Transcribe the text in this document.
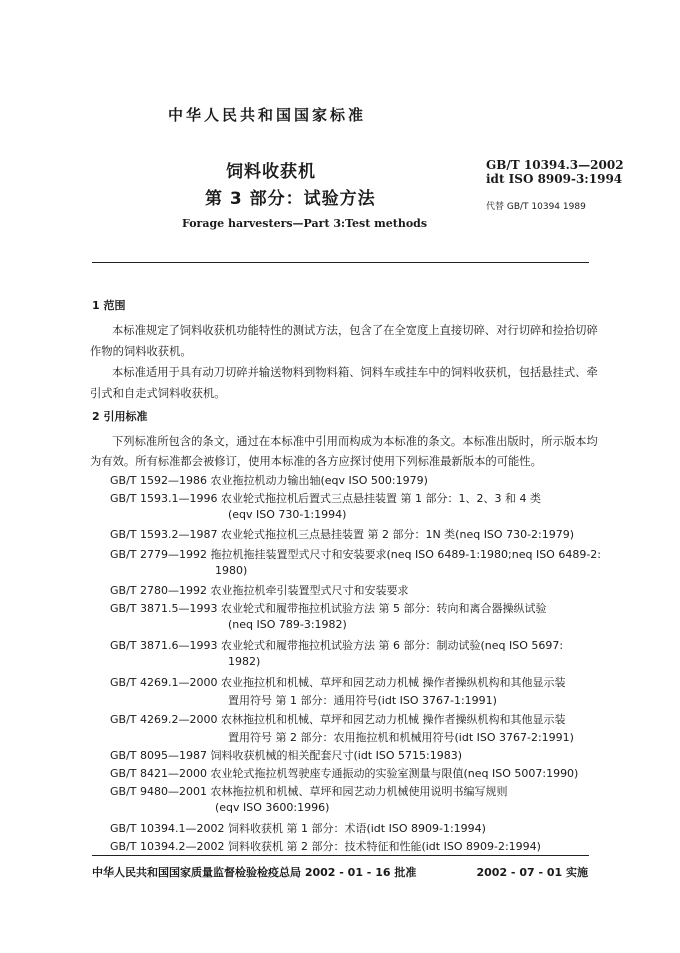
中华人民共和国国家标准
饲料收获机
第 3 部分：试验方法
Forage harvesters—Part 3:Test methods
GB/T 10394.3—2002
idt ISO 8909-3:1994
代替 GB/T 10394 1989
1 范围
本标准规定了饲料收获机功能特性的测试方法，包含了在全宽度上直接切碎、对行切碎和捡拾切碎
作物的饲料收获机。
本标准适用于具有动刀切碎并输送物料到物料箱、饲料车或挂车中的饲料收获机，包括悬挂式、牵
引式和自走式饲料收获机。
2 引用标准
下列标准所包含的条文，通过在本标准中引用而构成为本标准的条文。本标准出版时，所示版本均
为有效。所有标准都会被修订，使用本标准的各方应探讨使用下列标准最新版本的可能性。
GB/T 1592—1986 农业拖拉机动力输出轴(eqv ISO 500:1979)
GB/T 1593.1—1996 农业轮式拖拉机后置式三点悬挂装置 第 1 部分：1、2、3 和 4 类
(eqv ISO 730-1:1994)
GB/T 1593.2—1987 农业轮式拖拉机三点悬挂装置 第 2 部分：1N 类(neq ISO 730-2:1979)
GB/T 2779—1992 拖拉机拖挂装置型式尺寸和安装要求(neq ISO 6489-1:1980;neq ISO 6489-2:
1980)
GB/T 2780—1992 农业拖拉机牵引装置型式尺寸和安装要求
GB/T 3871.5—1993 农业轮式和履带拖拉机试验方法 第 5 部分：转向和离合器操纵试验
(neq ISO 789-3:1982)
GB/T 3871.6—1993 农业轮式和履带拖拉机试验方法 第 6 部分：制动试验(neq ISO 5697:
1982)
GB/T 4269.1—2000 农业拖拉机和机械、草坪和园艺动力机械 操作者操纵机构和其他显示装
置用符号 第 1 部分：通用符号(idt ISO 3767-1:1991)
GB/T 4269.2—2000 农林拖拉机和机械、草坪和园艺动力机械 操作者操纵机构和其他显示装
置用符号 第 2 部分：农用拖拉机和机械用符号(idt ISO 3767-2:1991)
GB/T 8095—1987 饲料收获机械的相关配套尺寸(idt ISO 5715:1983)
GB/T 8421—2000 农业轮式拖拉机驾驶座专通振动的实验室测量与限值(neq ISO 5007:1990)
GB/T 9480—2001 农林拖拉机和机械、草坪和园艺动力机械使用说明书编写规则
(eqv ISO 3600:1996)
GB/T 10394.1—2002 饲料收获机 第 1 部分：术语(idt ISO 8909-1:1994)
GB/T 10394.2—2002 饲料收获机 第 2 部分：技术特征和性能(idt ISO 8909-2:1994)
中华人民共和国国家质量监督检验检疫总局 2002 - 01 - 16 批准	2002 - 07 - 01 实施
